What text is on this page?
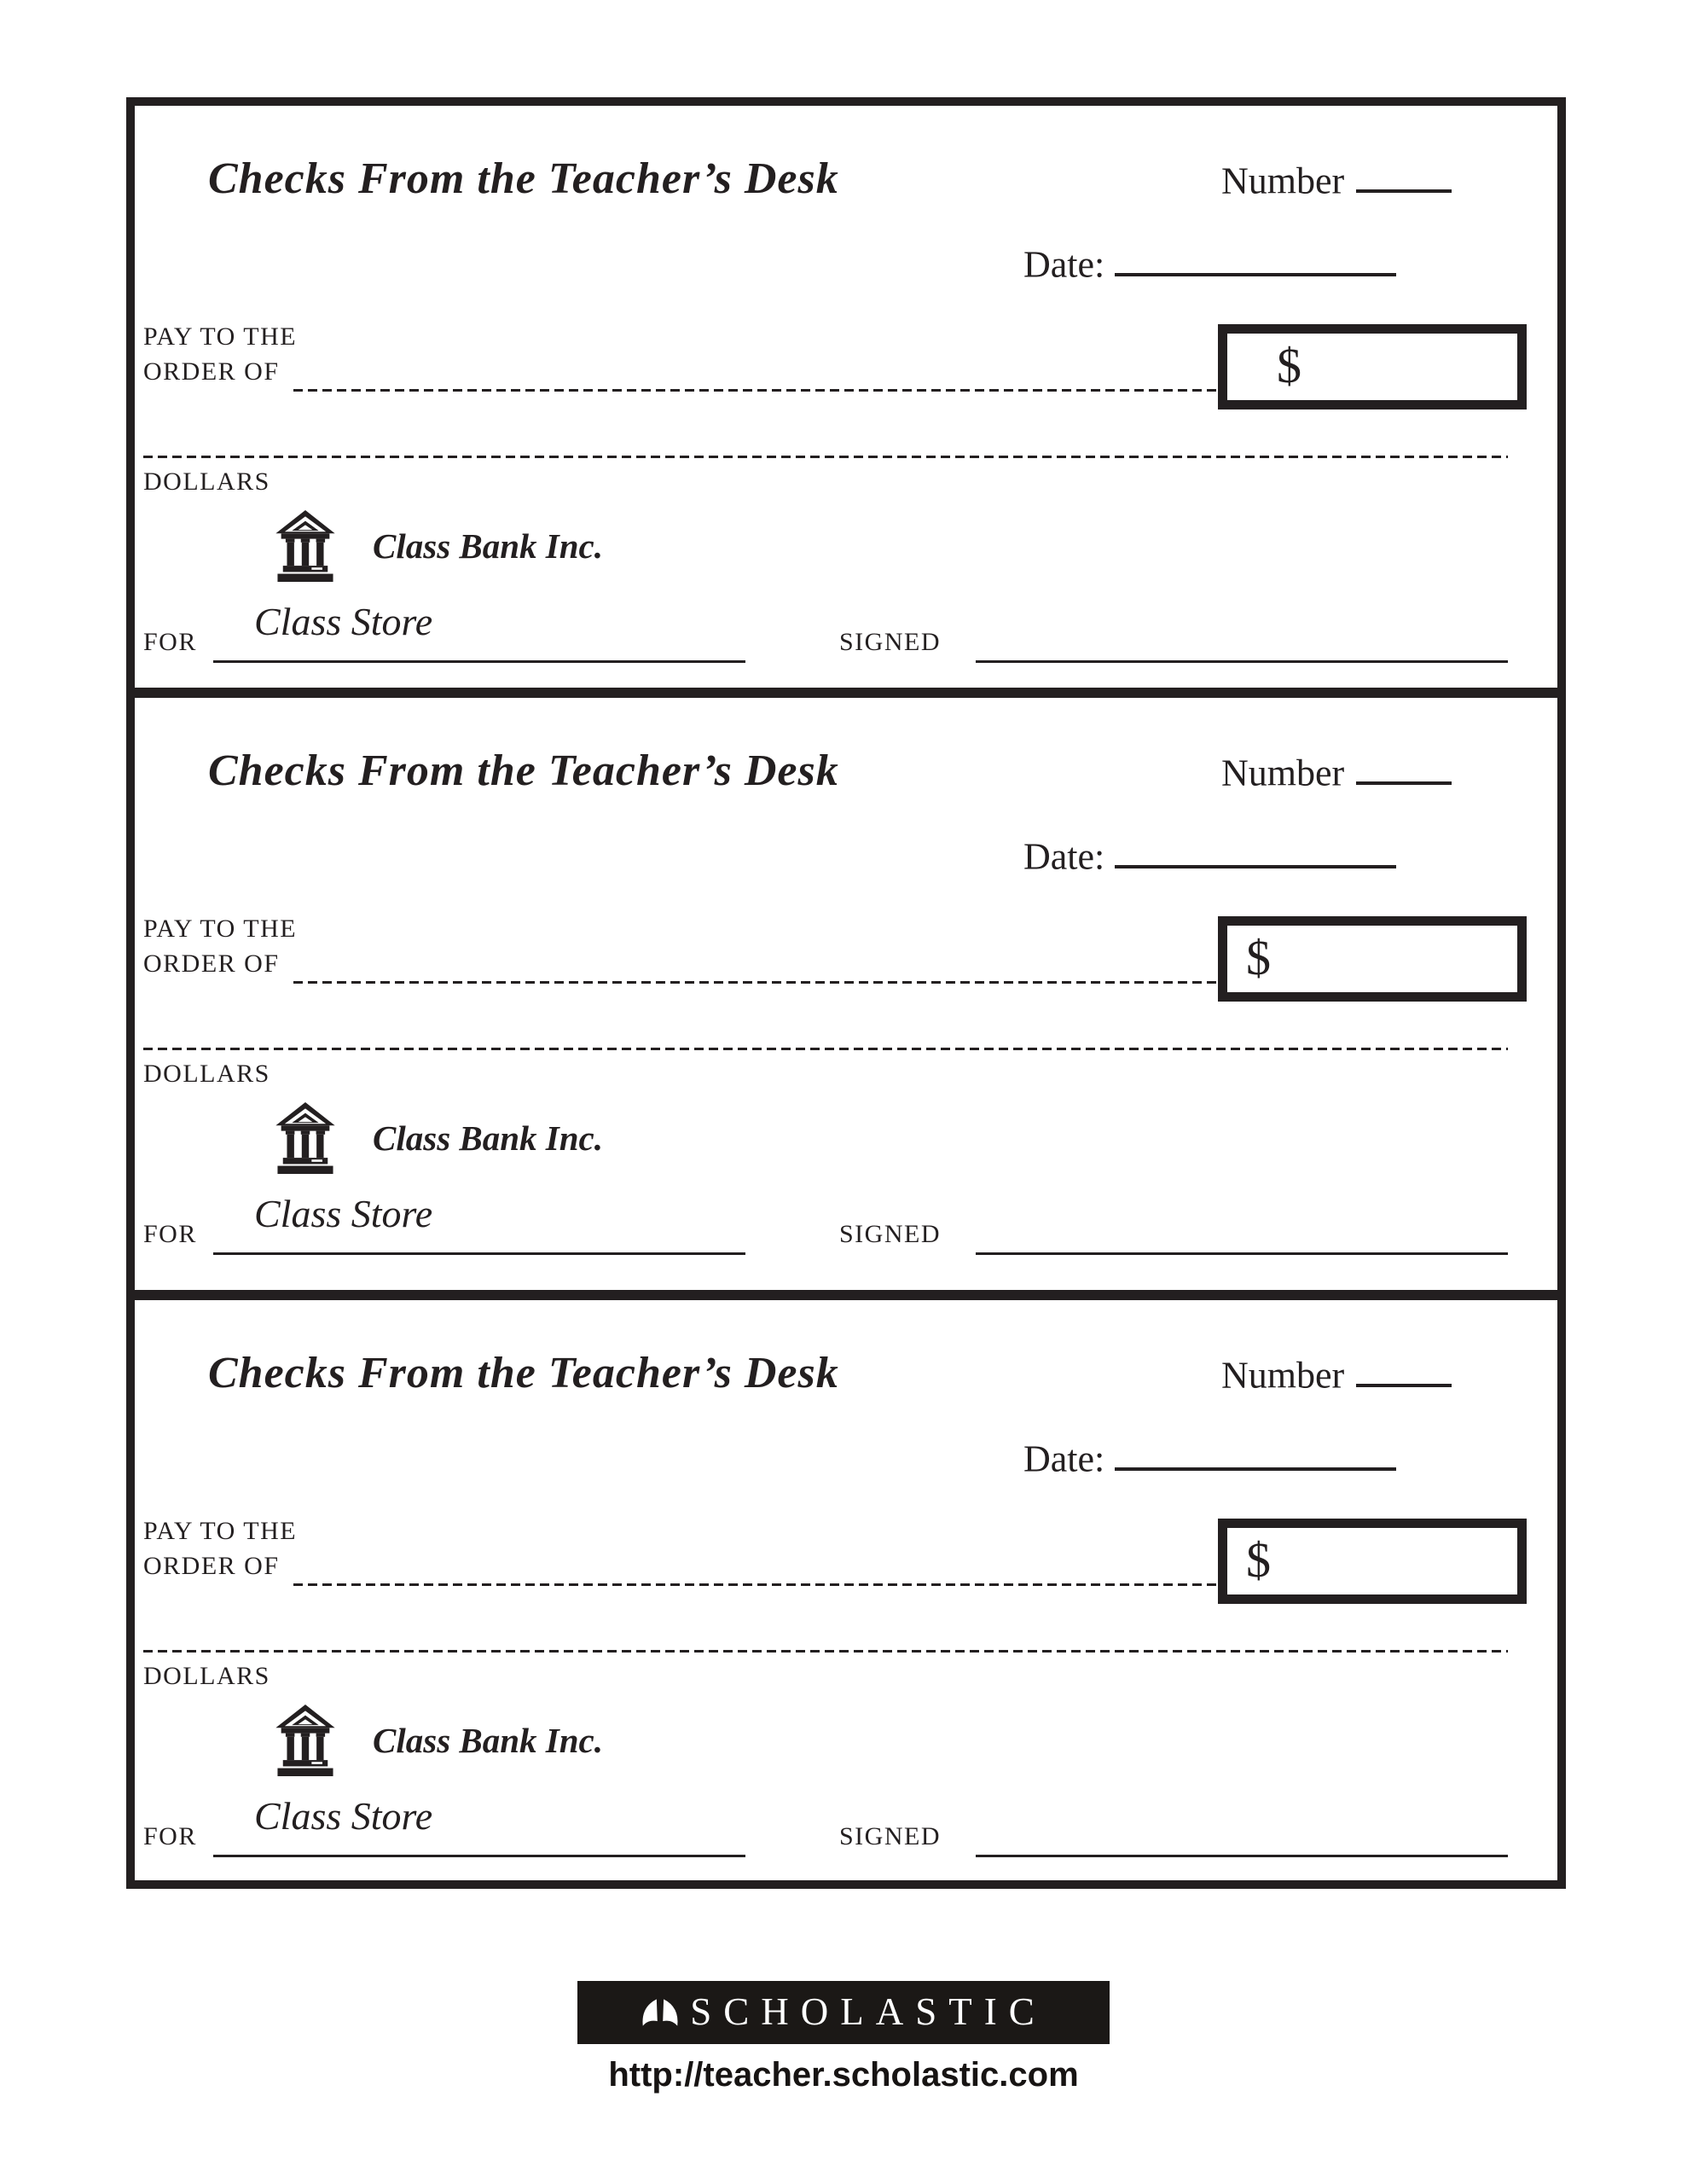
Checks From the Teacher’s Desk	Number
Date:
PAY TO THE
ORDER OF	$
DOLLARS
Class Bank Inc.
Class Store
FOR	SIGNED
Checks From the Teacher’s Desk	Number
Date:
PAY TO THE
ORDER OF	$
DOLLARS
Class Bank Inc.
Class Store
FOR	SIGNED
Checks From the Teacher’s Desk	Number
Date:
PAY TO THE
ORDER OF	$
DOLLARS
Class Bank Inc.
Class Store
FOR	SIGNED
SCHOLASTIC
http://teacher.scholastic.com
